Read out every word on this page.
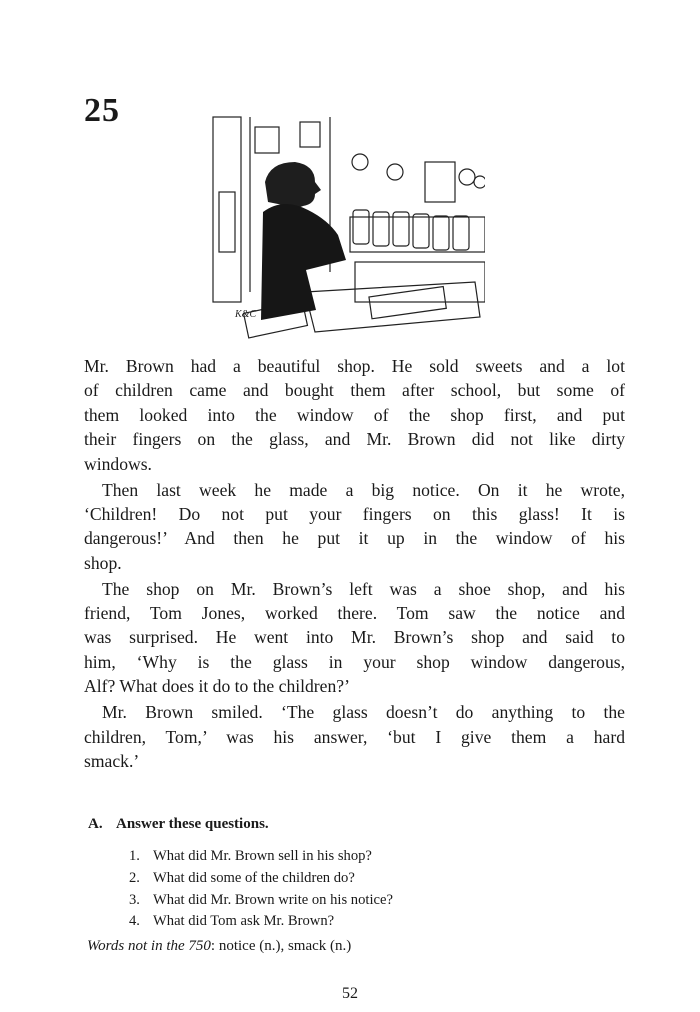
25
K&C
Mr. Brown had a beautiful shop. He sold sweets and a lot
of children came and bought them after school, but some of
them looked into the window of the shop first, and put
their fingers on the glass, and Mr. Brown did not like dirty
windows.
Then last week he made a big notice. On it he wrote,
‘Children! Do not put your fingers on this glass! It is
dangerous!’ And then he put it up in the window of his
shop.
The shop on Mr. Brown’s left was a shoe shop, and his
friend, Tom Jones, worked there. Tom saw the notice and
was surprised. He went into Mr. Brown’s shop and said to
him, ‘Why is the glass in your shop window dangerous,
Alf? What does it do to the children?’
Mr. Brown smiled. ‘The glass doesn’t do anything to the
children, Tom,’ was his answer, ‘but I give them a hard
smack.’
A. Answer these questions.
1. What did Mr. Brown sell in his shop?
2. What did some of the children do?
3. What did Mr. Brown write on his notice?
4. What did Tom ask Mr. Brown?
Words not in the 750: notice (n.), smack (n.)
52
